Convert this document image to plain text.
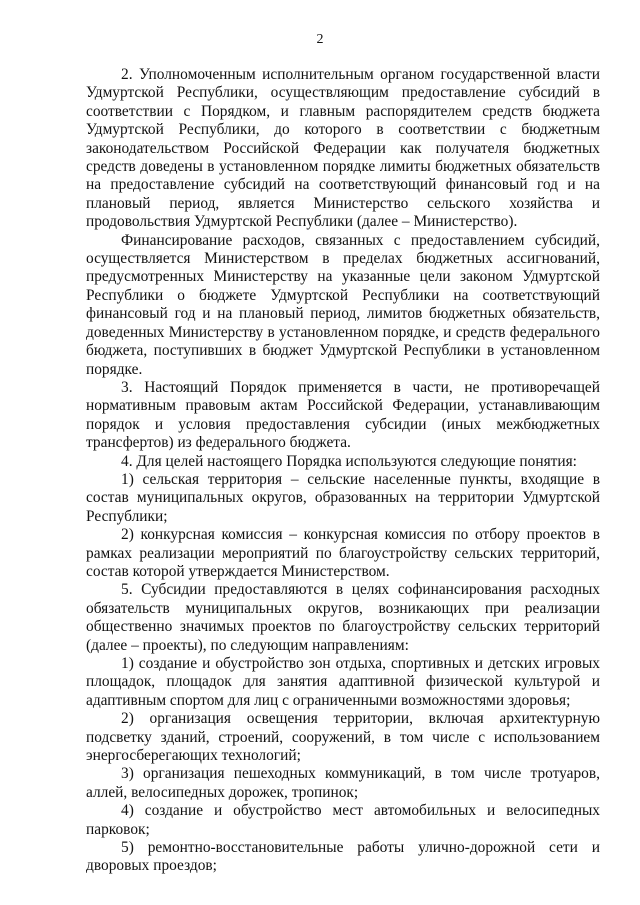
2

2. Уполномоченным исполнительным органом государственной власти Удмуртской Республики, осуществляющим предоставление субсидий в соответствии с Порядком, и главным распорядителем средств бюджета Удмуртской Республики, до которого в соответствии с бюджетным законодательством Российской Федерации как получателя бюджетных средств доведены в установленном порядке лимиты бюджетных обязательств на предоставление субсидий на соответствующий финансовый год и на плановый период, является Министерство сельского хозяйства и продовольствия Удмуртской Республики (далее – Министерство).

Финансирование расходов, связанных с предоставлением субсидий, осуществляется Министерством в пределах бюджетных ассигнований, предусмотренных Министерству на указанные цели законом Удмуртской Республики о бюджете Удмуртской Республики на соответствующий финансовый год и на плановый период, лимитов бюджетных обязательств, доведенных Министерству в установленном порядке, и средств федерального бюджета, поступивших в бюджет Удмуртской Республики в установленном порядке.

3. Настоящий Порядок применяется в части, не противоречащей нормативным правовым актам Российской Федерации, устанавливающим порядок и условия предоставления субсидии (иных межбюджетных трансфертов) из федерального бюджета.

4. Для целей настоящего Порядка используются следующие понятия:

1) сельская территория – сельские населенные пункты, входящие в состав муниципальных округов, образованных на территории Удмуртской Республики;

2) конкурсная комиссия – конкурсная комиссия по отбору проектов в рамках реализации мероприятий по благоустройству сельских территорий, состав которой утверждается Министерством.

5. Субсидии предоставляются в целях софинансирования расходных обязательств муниципальных округов, возникающих при реализации общественно значимых проектов по благоустройству сельских территорий (далее – проекты), по следующим направлениям:

1) создание и обустройство зон отдыха, спортивных и детских игровых площадок, площадок для занятия адаптивной физической культурой и адаптивным спортом для лиц с ограниченными возможностями здоровья;

2) организация освещения территории, включая архитектурную подсветку зданий, строений, сооружений, в том числе с использованием энергосберегающих технологий;

3) организация пешеходных коммуникаций, в том числе тротуаров, аллей, велосипедных дорожек, тропинок;

4) создание и обустройство мест автомобильных и велосипедных парковок;

5) ремонтно-восстановительные работы улично-дорожной сети и дворовых проездов;
